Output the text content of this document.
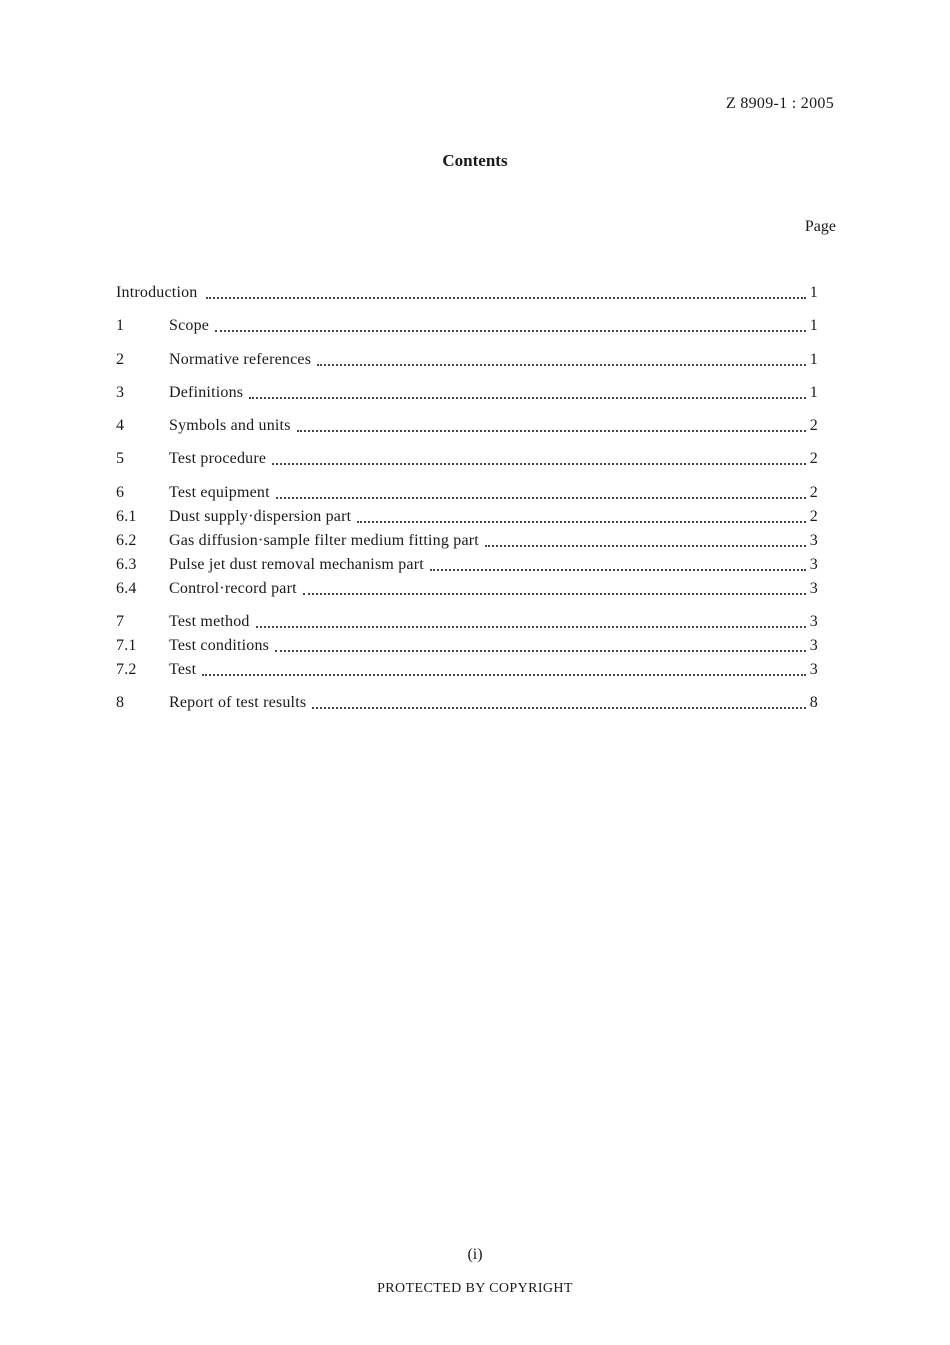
Z 8909-1 : 2005
Contents
Page
Introduction	1
1	Scope	1
2	Normative references	1
3	Definitions	1
4	Symbols and units	2
5	Test procedure	2
6	Test equipment	2
6.1	Dust supply·dispersion part	2
6.2	Gas diffusion·sample filter medium fitting part	3
6.3	Pulse jet dust removal mechanism part	3
6.4	Control·record part	3
7	Test method	3
7.1	Test conditions	3
7.2	Test	3
8	Report of test results	8
(i)
PROTECTED BY COPYRIGHT
